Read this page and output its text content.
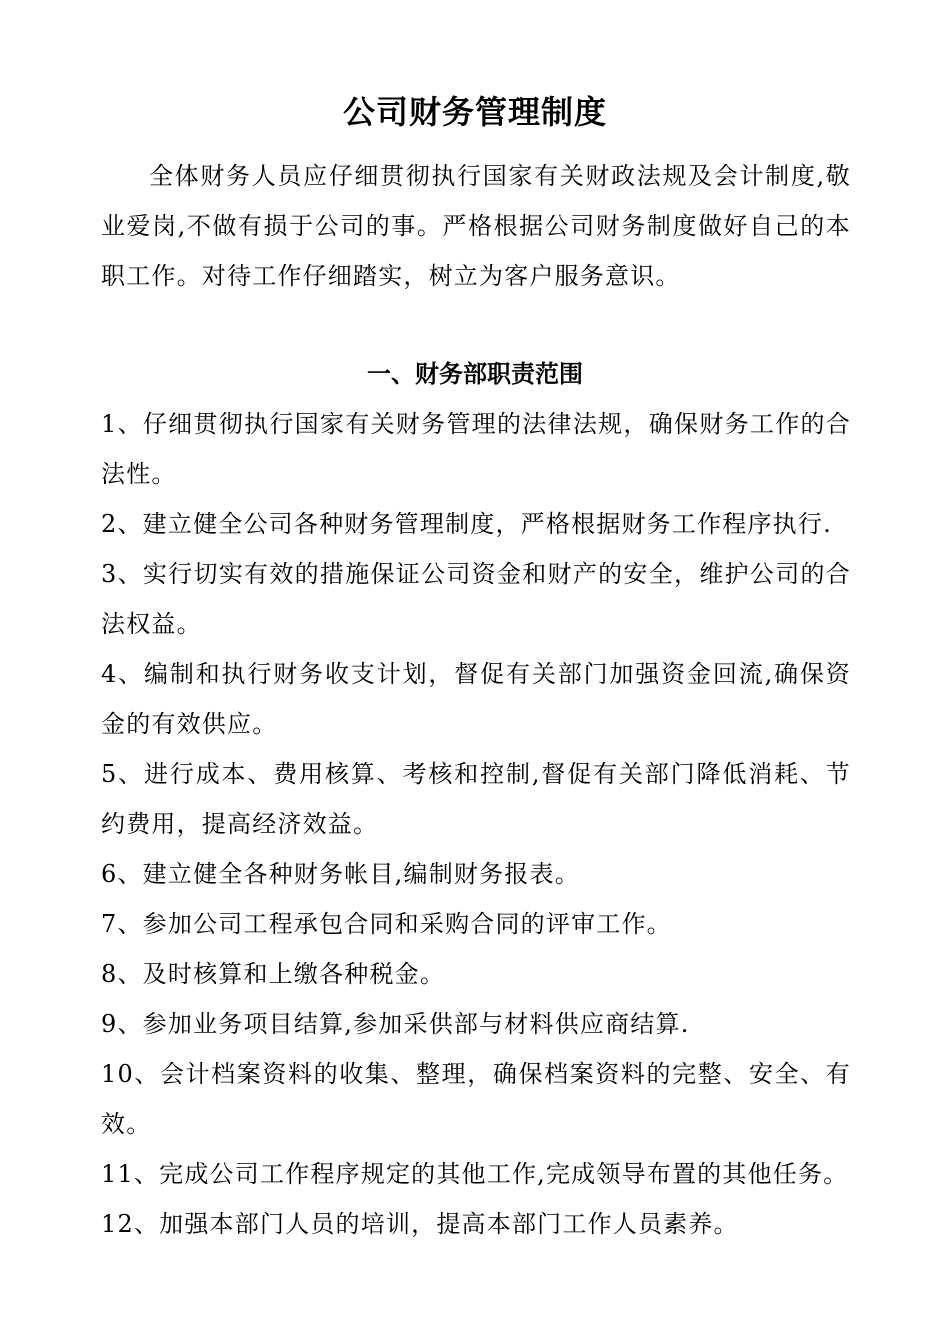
公司财务管理制度

全体财务人员应仔细贯彻执行国家有关财政法规及会计制度,敬业爱岗,不做有损于公司的事。严格根据公司财务制度做好自己的本职工作。对待工作仔细踏实，树立为客户服务意识。

一、财务部职责范围
1、仔细贯彻执行国家有关财务管理的法律法规，确保财务工作的合法性。
2、建立健全公司各种财务管理制度，严格根据财务工作程序执行.
3、实行切实有效的措施保证公司资金和财产的安全，维护公司的合法权益。
4、编制和执行财务收支计划，督促有关部门加强资金回流,确保资金的有效供应。
5、进行成本、费用核算、考核和控制,督促有关部门降低消耗、节约费用，提高经济效益。
6、建立健全各种财务帐目,编制财务报表。
7、参加公司工程承包合同和采购合同的评审工作。
8、及时核算和上缴各种税金。
9、参加业务项目结算,参加采供部与材料供应商结算.
10、会计档案资料的收集、整理，确保档案资料的完整、安全、有效。
11、完成公司工作程序规定的其他工作,完成领导布置的其他任务。
12、加强本部门人员的培训，提高本部门工作人员素养。
